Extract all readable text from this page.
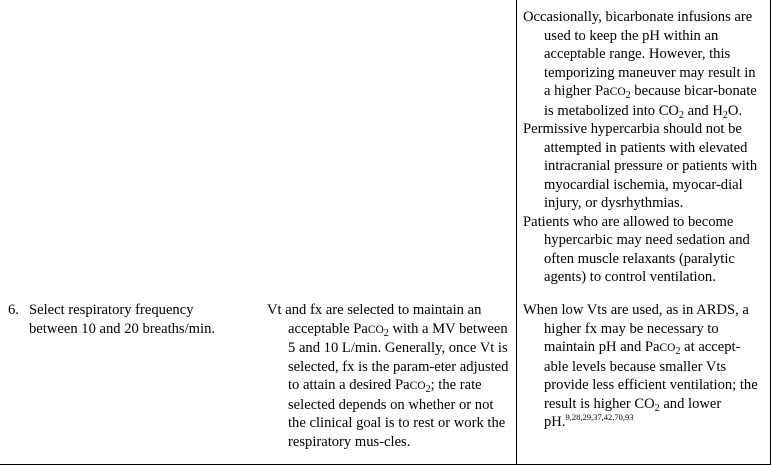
Occasionally, bicarbonate infusions are used to keep the pH within an acceptable range. However, this temporizing maneuver may result in a higher PaCO$_2$ because bicar-bonate is metabolized into $CO_2$ and $H_2O$.

Permissive hypercarbia should not be attempted in patients with elevated intracranial pressure or patients with myocardial ischemia, myocar-dial injury, or dysrhythmias.

Patients who are allowed to become hypercarbic may need sedation and often muscle relaxants (paralytic agents) to control ventilation.

6. Select respiratory frequency between 10 and 20 breaths/min.

Vt and fx are selected to maintain an acceptable PaCO$_2$ with a MV between 5 and 10 L/min. Generally, once Vt is selected, fx is the param-eter adjusted to attain a desired PaCO$_2$; the rate selected depends on whether or not the clinical goal is to rest or work the respiratory mus-cles.

When low Vts are used, as in ARDS, a higher fx may be necessary to maintain pH and PaCO$_2$ at accept-able levels because smaller Vts provide less efficient ventilation; the result is higher $CO_2$ and lower pH.$^{9,28,29,37,42,70,93}$
